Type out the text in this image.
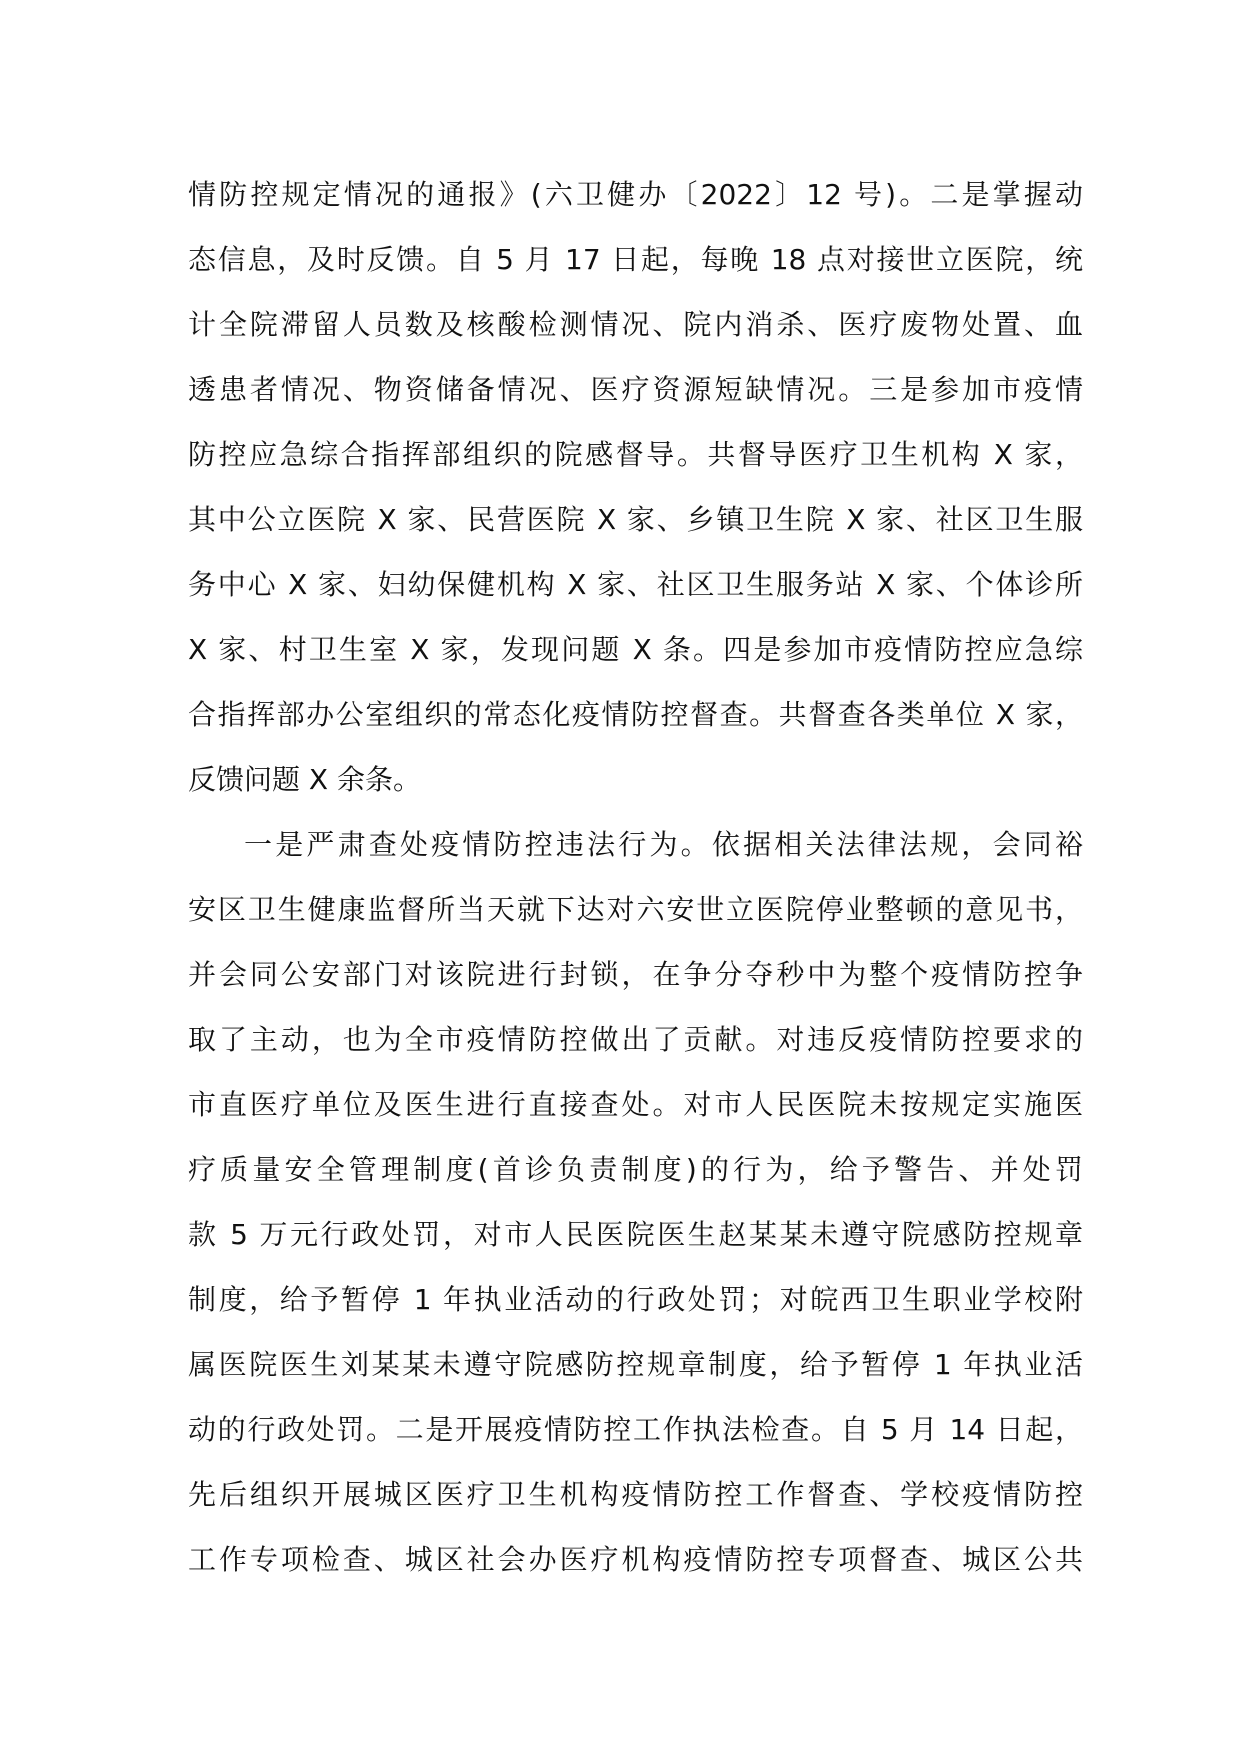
情防控规定情况的通报》(六卫健办〔2022〕12 号)。二是掌握动
态信息，及时反馈。自 5 月 17 日起，每晚 18 点对接世立医院，统
计全院滞留人员数及核酸检测情况、院内消杀、医疗废物处置、血
透患者情况、物资储备情况、医疗资源短缺情况。三是参加市疫情
防控应急综合指挥部组织的院感督导。共督导医疗卫生机构 X 家，
其中公立医院 X 家、民营医院 X 家、乡镇卫生院 X 家、社区卫生服
务中心 X 家、妇幼保健机构 X 家、社区卫生服务站 X 家、个体诊所
X 家、村卫生室 X 家，发现问题 X 条。四是参加市疫情防控应急综
合指挥部办公室组织的常态化疫情防控督查。共督查各类单位 X 家，
反馈问题 X 余条。
一是严肃查处疫情防控违法行为。依据相关法律法规，会同裕
安区卫生健康监督所当天就下达对六安世立医院停业整顿的意见书，
并会同公安部门对该院进行封锁，在争分夺秒中为整个疫情防控争
取了主动，也为全市疫情防控做出了贡献。对违反疫情防控要求的
市直医疗单位及医生进行直接查处。对市人民医院未按规定实施医
疗质量安全管理制度(首诊负责制度)的行为，给予警告、并处罚
款 5 万元行政处罚，对市人民医院医生赵某某未遵守院感防控规章
制度，给予暂停 1 年执业活动的行政处罚；对皖西卫生职业学校附
属医院医生刘某某未遵守院感防控规章制度，给予暂停 1 年执业活
动的行政处罚。二是开展疫情防控工作执法检查。自 5 月 14 日起，
先后组织开展城区医疗卫生机构疫情防控工作督查、学校疫情防控
工作专项检查、城区社会办医疗机构疫情防控专项督查、城区公共
